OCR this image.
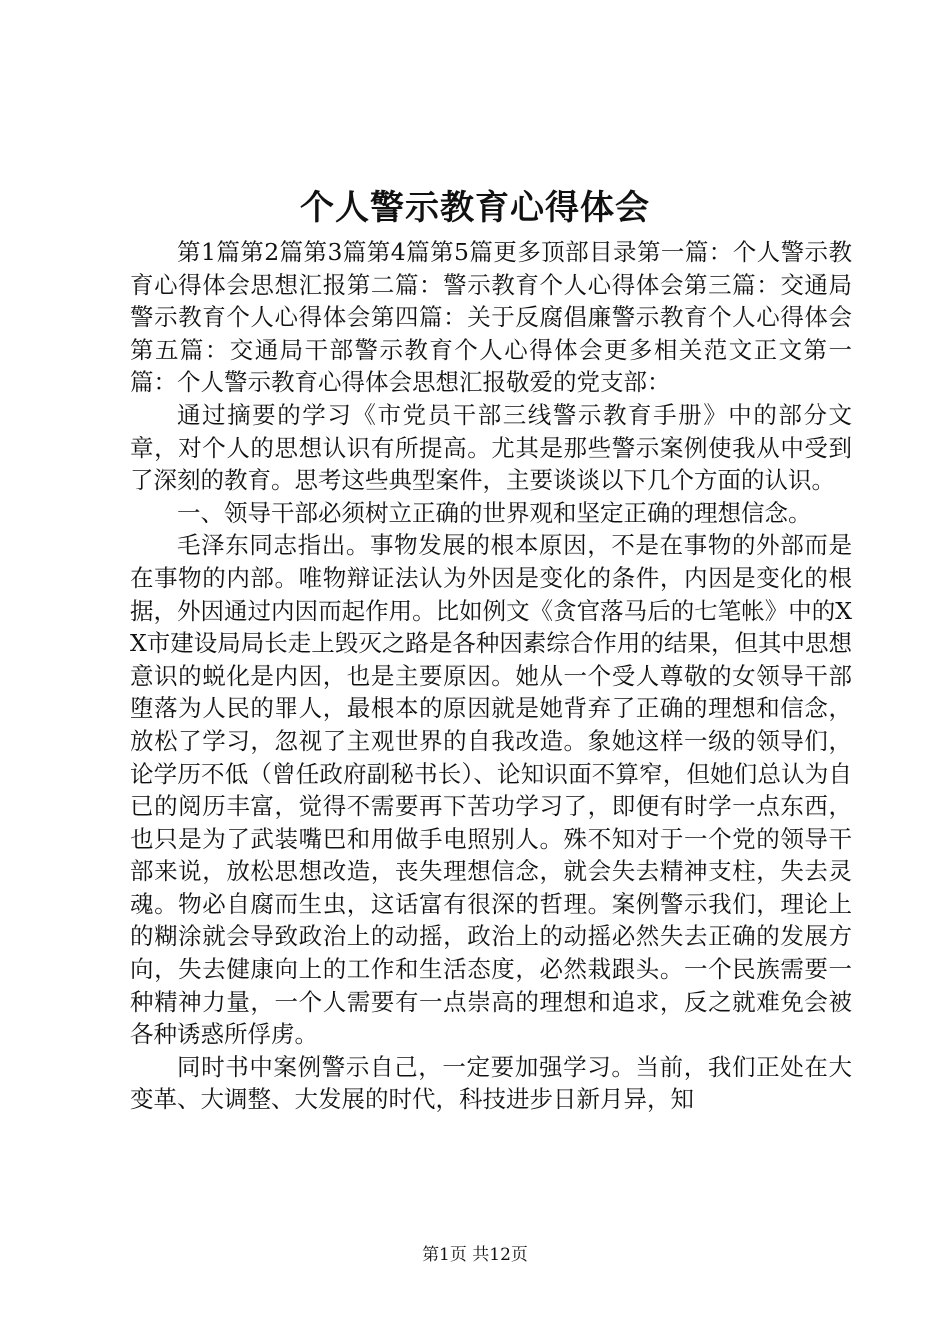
个人警示教育心得体会

第1篇第2篇第3篇第4篇第5篇更多顶部目录第一篇：个人警示教育心得体会思想汇报第二篇：警示教育个人心得体会第三篇：交通局警示教育个人心得体会第四篇：关于反腐倡廉警示教育个人心得体会第五篇：交通局干部警示教育个人心得体会更多相关范文正文第一篇：个人警示教育心得体会思想汇报敬爱的党支部：

通过摘要的学习《市党员干部三线警示教育手册》中的部分文章，对个人的思想认识有所提高。尤其是那些警示案例使我从中受到了深刻的教育。思考这些典型案件，主要谈谈以下几个方面的认识。

一、领导干部必须树立正确的世界观和坚定正确的理想信念。

毛泽东同志指出。事物发展的根本原因，不是在事物的外部而是在事物的内部。唯物辩证法认为外因是变化的条件，内因是变化的根据，外因通过内因而起作用。比如例文《贪官落马后的七笔帐》中的XX市建设局局长走上毁灭之路是各种因素综合作用的结果，但其中思想意识的蜕化是内因，也是主要原因。她从一个受人尊敬的女领导干部堕落为人民的罪人，最根本的原因就是她背弃了正确的理想和信念，放松了学习，忽视了主观世界的自我改造。象她这样一级的领导们，论学历不低（曾任政府副秘书长）、论知识面不算窄，但她们总认为自已的阅历丰富，觉得不需要再下苦功学习了，即便有时学一点东西，也只是为了武装嘴巴和用做手电照别人。殊不知对于一个党的领导干部来说，放松思想改造，丧失理想信念，就会失去精神支柱，失去灵魂。物必自腐而生虫，这话富有很深的哲理。案例警示我们，理论上的糊涂就会导致政治上的动摇，政治上的动摇必然失去正确的发展方向，失去健康向上的工作和生活态度，必然栽跟头。一个民族需要一种精神力量，一个人需要有一点崇高的理想和追求，反之就难免会被各种诱惑所俘虏。

同时书中案例警示自己，一定要加强学习。当前，我们正处在大变革、大调整、大发展的时代，科技进步日新月异，知

第1页 共12页
